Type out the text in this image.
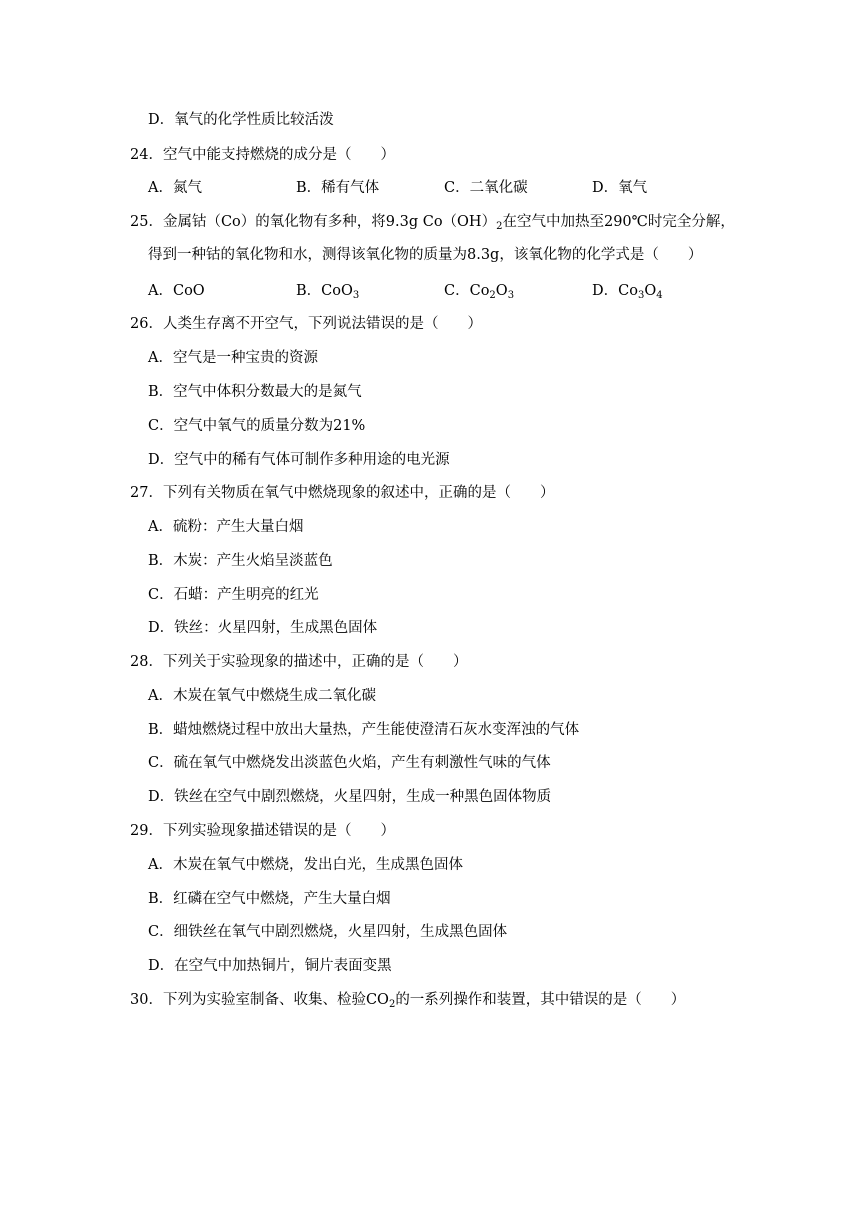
D．氧气的化学性质比较活泼
24．空气中能支持燃烧的成分是（　　）
A．氮气	B．稀有气体	C．二氧化碳	D．氧气
25．金属钴（Co）的氧化物有多种，将9.3g $Co(OH)_2$在空气中加热至290℃时完全分解，
得到一种钴的氧化物和水，测得该氧化物的质量为8.3g，该氧化物的化学式是（　　）
A．CoO	B．CoO$_3$	C．$Co_2O_3$	D．$Co_3O_4$
26．人类生存离不开空气，下列说法错误的是（　　）
A．空气是一种宝贵的资源
B．空气中体积分数最大的是氮气
C．空气中氧气的质量分数为21%
D．空气中的稀有气体可制作多种用途的电光源
27．下列有关物质在氧气中燃烧现象的叙述中，正确的是（　　）
A．硫粉：产生大量白烟
B．木炭：产生火焰呈淡蓝色
C．石蜡：产生明亮的红光
D．铁丝：火星四射，生成黑色固体
28．下列关于实验现象的描述中，正确的是（　　）
A．木炭在氧气中燃烧生成二氧化碳
B．蜡烛燃烧过程中放出大量热，产生能使澄清石灰水变浑浊的气体
C．硫在氧气中燃烧发出淡蓝色火焰，产生有刺激性气味的气体
D．铁丝在空气中剧烈燃烧，火星四射，生成一种黑色固体物质
29．下列实验现象描述错误的是（　　）
A．木炭在氧气中燃烧，发出白光，生成黑色固体
B．红磷在空气中燃烧，产生大量白烟
C．细铁丝在氧气中剧烈燃烧，火星四射，生成黑色固体
D．在空气中加热铜片，铜片表面变黑
30．下列为实验室制备、收集、检验$CO_2$的一系列操作和装置，其中错误的是（　　）
